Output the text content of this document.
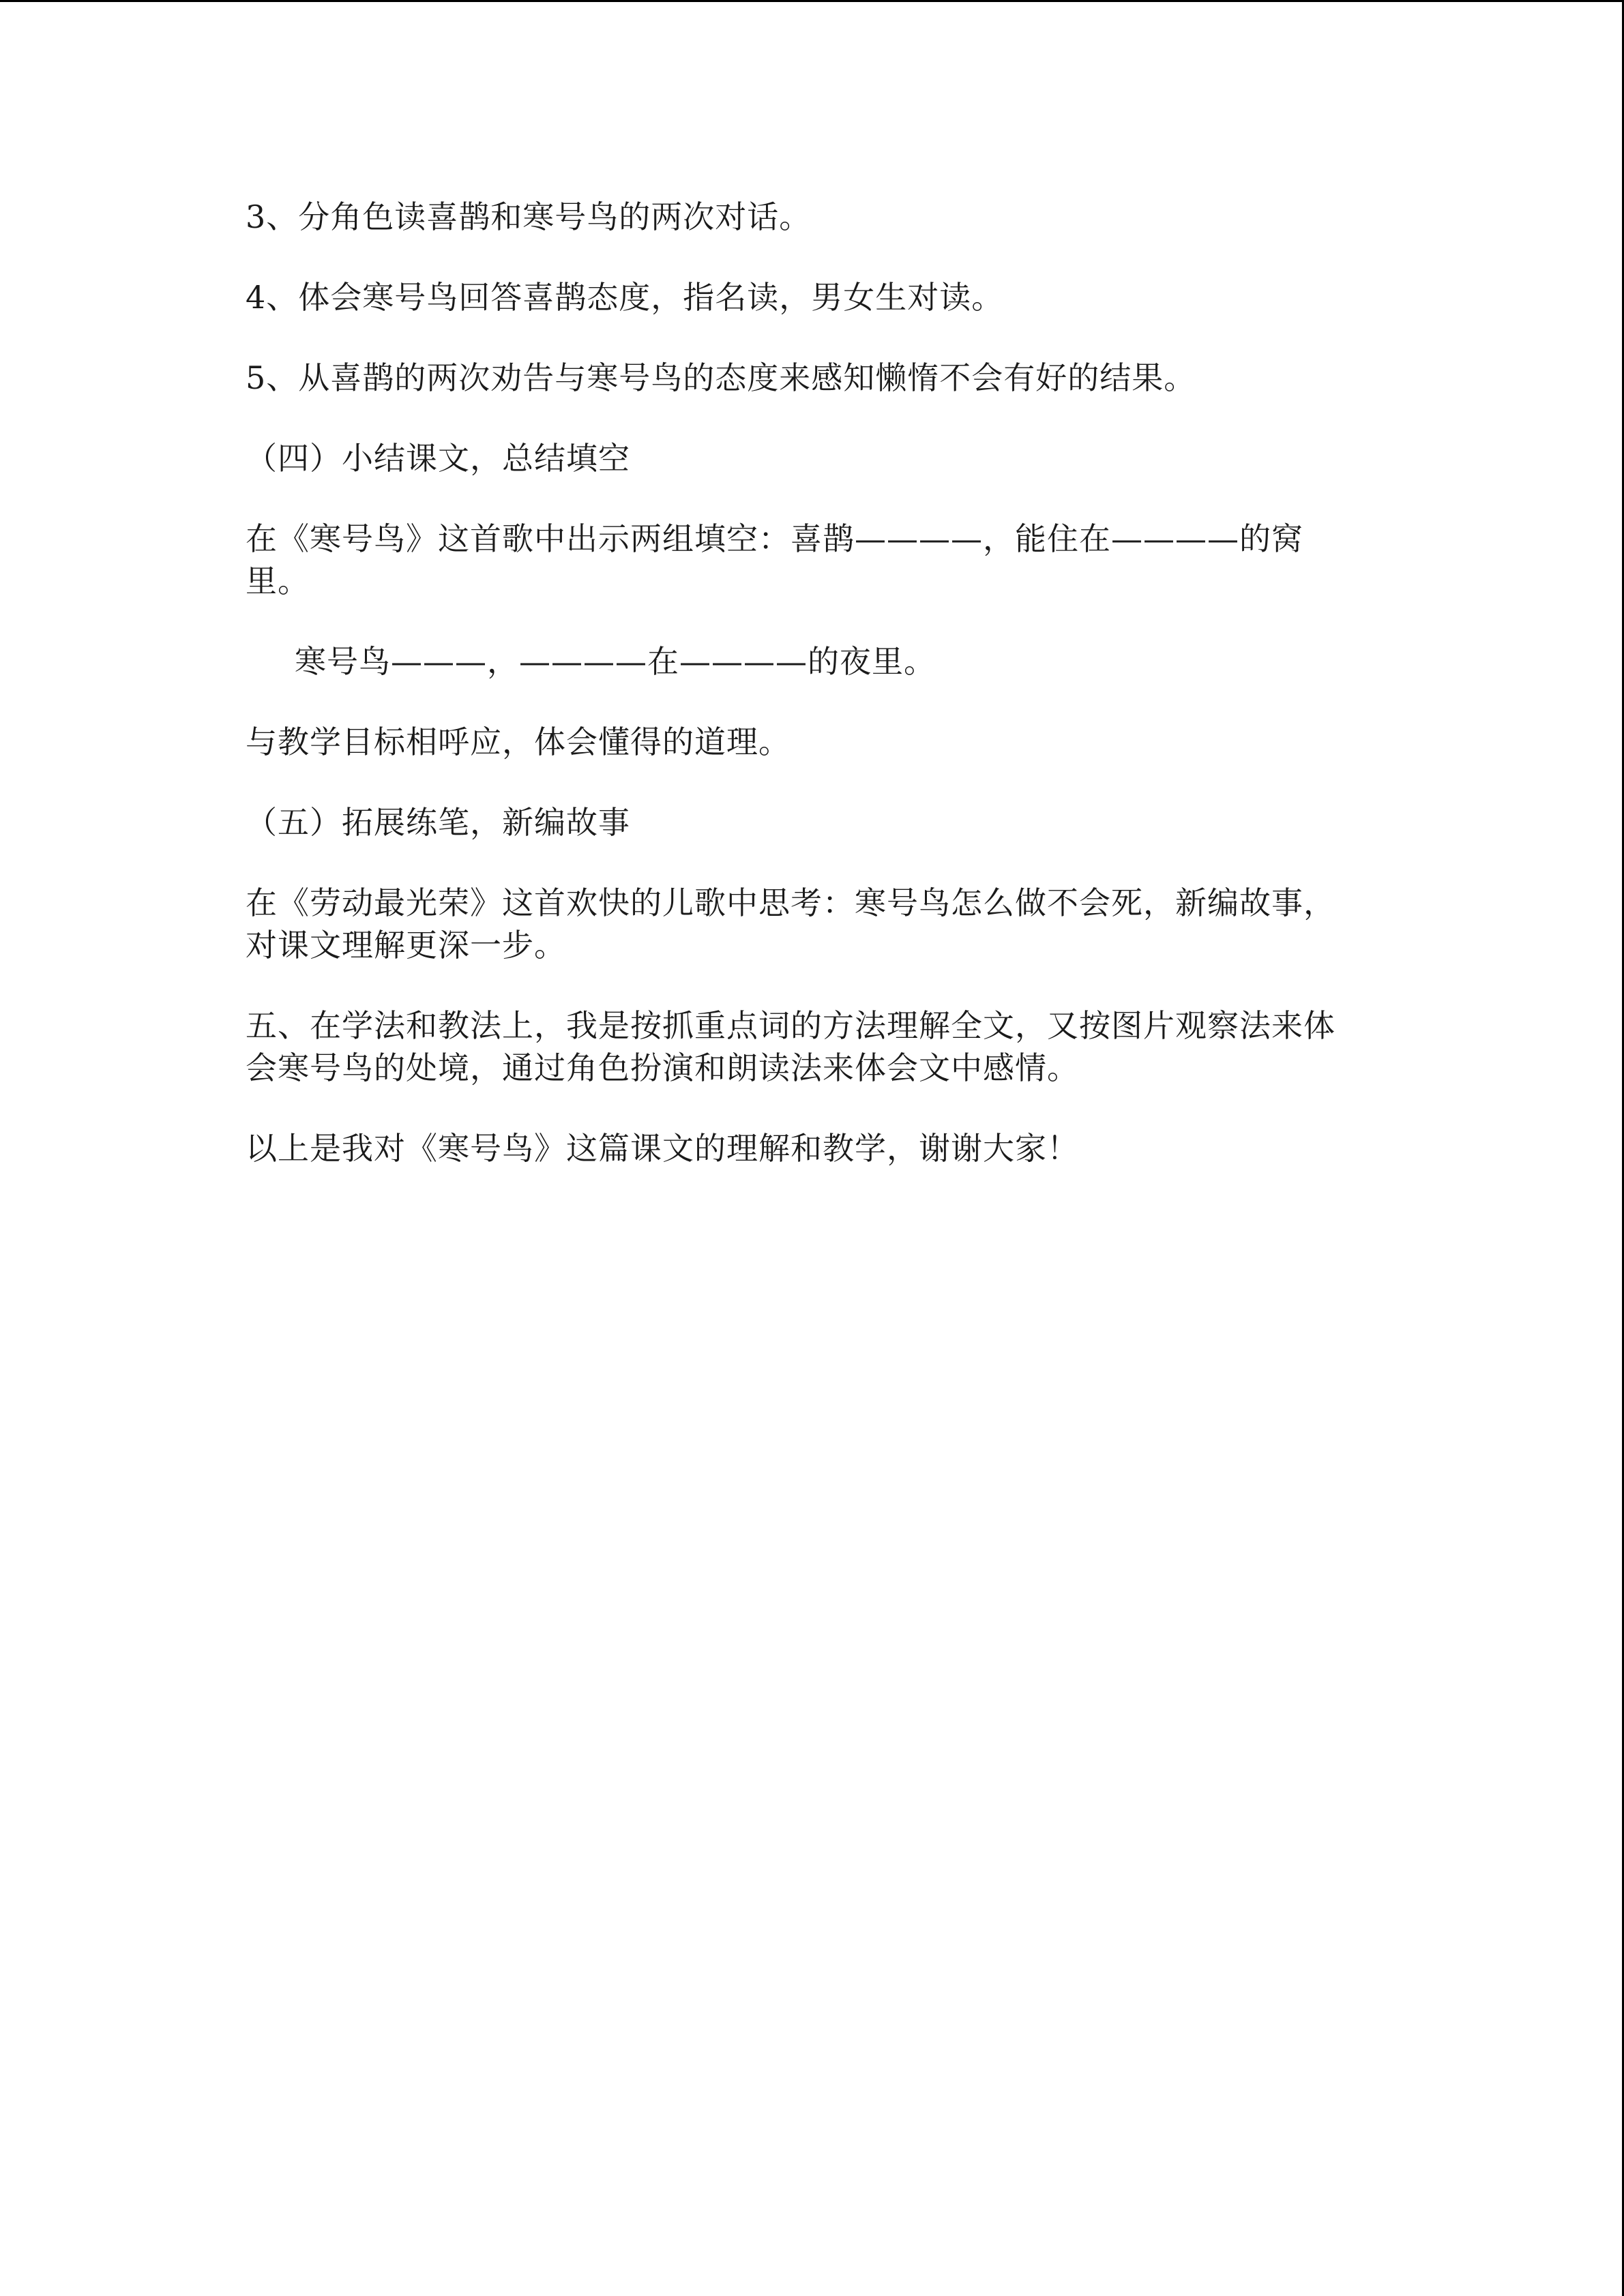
3、分角色读喜鹊和寒号鸟的两次对话。

4、体会寒号鸟回答喜鹊态度，指名读，男女生对读。

5、从喜鹊的两次劝告与寒号鸟的态度来感知懒惰不会有好的结果。

（四）小结课文，总结填空

在《寒号鸟》这首歌中出示两组填空：喜鹊————，能住在————的窝里。

寒号鸟———，————在————的夜里。

与教学目标相呼应，体会懂得的道理。

（五）拓展练笔，新编故事

在《劳动最光荣》这首欢快的儿歌中思考：寒号鸟怎么做不会死，新编故事，对课文理解更深一步。

五、在学法和教法上，我是按抓重点词的方法理解全文，又按图片观察法来体会寒号鸟的处境，通过角色扮演和朗读法来体会文中感情。

以上是我对《寒号鸟》这篇课文的理解和教学，谢谢大家！
